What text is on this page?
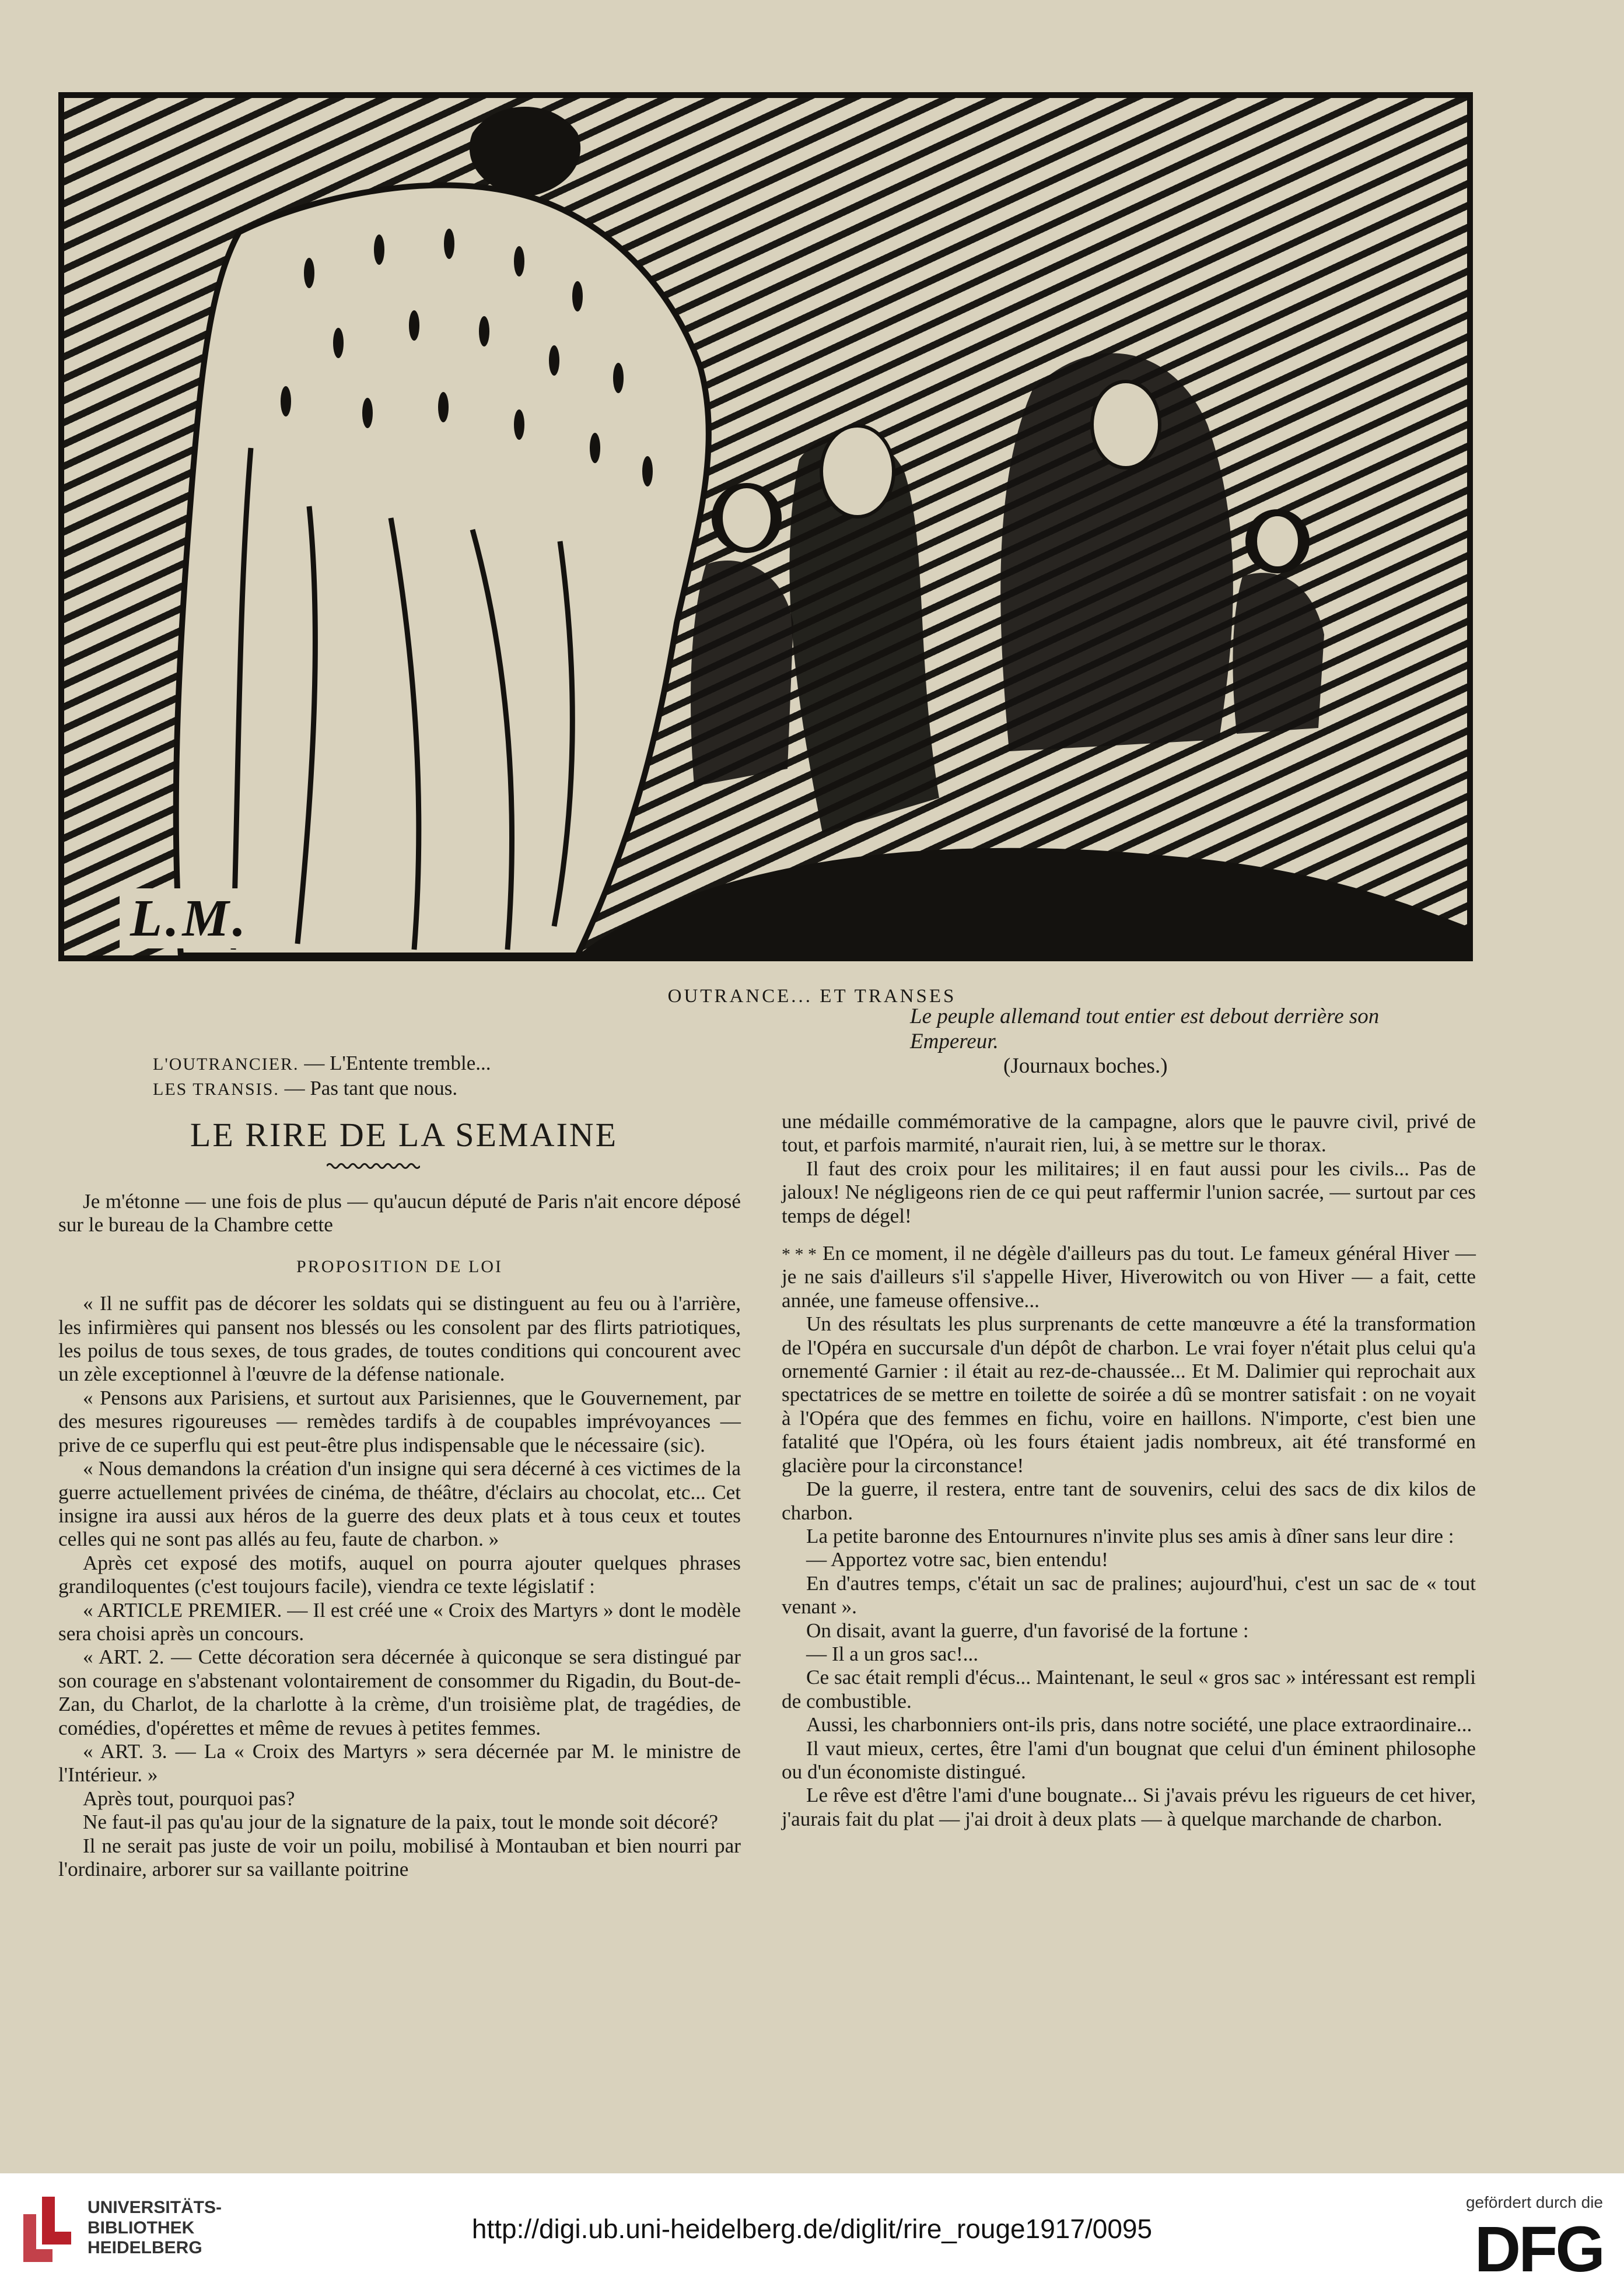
L.M.
OUTRANCE... ET TRANSES
Le peuple allemand tout entier est debout derrière son Empereur.
(Journaux boches.)
L'OUTRANCIER. — L'Entente tremble...
LES TRANSIS. — Pas tant que nous.
LE RIRE DE LA SEMAINE

Je m'étonne — une fois de plus — qu'aucun député de Paris n'ait encore déposé sur le bureau de la Chambre cette

PROPOSITION DE LOI

« Il ne suffit pas de décorer les soldats qui se distinguent au feu ou à l'arrière, les infirmières qui pansent nos blessés ou les consolent par des flirts patriotiques, les poilus de tous sexes, de tous grades, de toutes conditions qui concourent avec un zèle exceptionnel à l'œuvre de la défense nationale.

« Pensons aux Parisiens, et surtout aux Parisiennes, que le Gouvernement, par des mesures rigoureuses — remèdes tardifs à de coupables imprévoyances — prive de ce superflu qui est peut-être plus indispensable que le nécessaire (sic).

« Nous demandons la création d'un insigne qui sera décerné à ces victimes de la guerre actuellement privées de cinéma, de théâtre, d'éclairs au chocolat, etc... Cet insigne ira aussi aux héros de la guerre des deux plats et à tous ceux et toutes celles qui ne sont pas allés au feu, faute de charbon. »

Après cet exposé des motifs, auquel on pourra ajouter quelques phrases grandiloquentes (c'est toujours facile), viendra ce texte législatif :

« ARTICLE PREMIER. — Il est créé une « Croix des Martyrs » dont le modèle sera choisi après un concours.

« ART. 2. — Cette décoration sera décernée à quiconque se sera distingué par son courage en s'abstenant volontairement de consommer du Rigadin, du Bout-de-Zan, du Charlot, de la charlotte à la crème, d'un troisième plat, de tragédies, de comédies, d'opérettes et même de revues à petites femmes.

« ART. 3. — La « Croix des Martyrs » sera décernée par M. le ministre de l'Intérieur. »

Après tout, pourquoi pas?

Ne faut-il pas qu'au jour de la signature de la paix, tout le monde soit décoré?

Il ne serait pas juste de voir un poilu, mobilisé à Montauban et bien nourri par l'ordinaire, arborer sur sa vaillante poitrine

une médaille commémorative de la campagne, alors que le pauvre civil, privé de tout, et parfois marmité, n'aurait rien, lui, à se mettre sur le thorax.

Il faut des croix pour les militaires; il en faut aussi pour les civils... Pas de jaloux! Ne négligeons rien de ce qui peut raffermir l'union sacrée, — surtout par ces temps de dégel!

* * * En ce moment, il ne dégèle d'ailleurs pas du tout. Le fameux général Hiver — je ne sais d'ailleurs s'il s'appelle Hiver, Hiverowitch ou von Hiver — a fait, cette année, une fameuse offensive...

Un des résultats les plus surprenants de cette manœuvre a été la transformation de l'Opéra en succursale d'un dépôt de charbon. Le vrai foyer n'était plus celui qu'a ornementé Garnier : il était au rez-de-chaussée... Et M. Dalimier qui reprochait aux spectatrices de se mettre en toilette de soirée a dû se montrer satisfait : on ne voyait à l'Opéra que des femmes en fichu, voire en haillons. N'importe, c'est bien une fatalité que l'Opéra, où les fours étaient jadis nombreux, ait été transformé en glacière pour la circonstance!

De la guerre, il restera, entre tant de souvenirs, celui des sacs de dix kilos de charbon.

La petite baronne des Entournures n'invite plus ses amis à dîner sans leur dire :

— Apportez votre sac, bien entendu!

En d'autres temps, c'était un sac de pralines; aujourd'hui, c'est un sac de « tout venant ».

On disait, avant la guerre, d'un favorisé de la fortune :

— Il a un gros sac!...

Ce sac était rempli d'écus... Maintenant, le seul « gros sac » intéressant est rempli de combustible.

Aussi, les charbonniers ont-ils pris, dans notre société, une place extraordinaire...

Il vaut mieux, certes, être l'ami d'un bougnat que celui d'un éminent philosophe ou d'un économiste distingué.

Le rêve est d'être l'ami d'une bougnate... Si j'avais prévu les rigueurs de cet hiver, j'aurais fait du plat — j'ai droit à deux plats — à quelque marchande de charbon.

UNIVERSITÄTS-
BIBLIOTHEK
HEIDELBERG
http://digi.ub.uni-heidelberg.de/diglit/rire_rouge1917/0095
gefördert durch die
DFG
